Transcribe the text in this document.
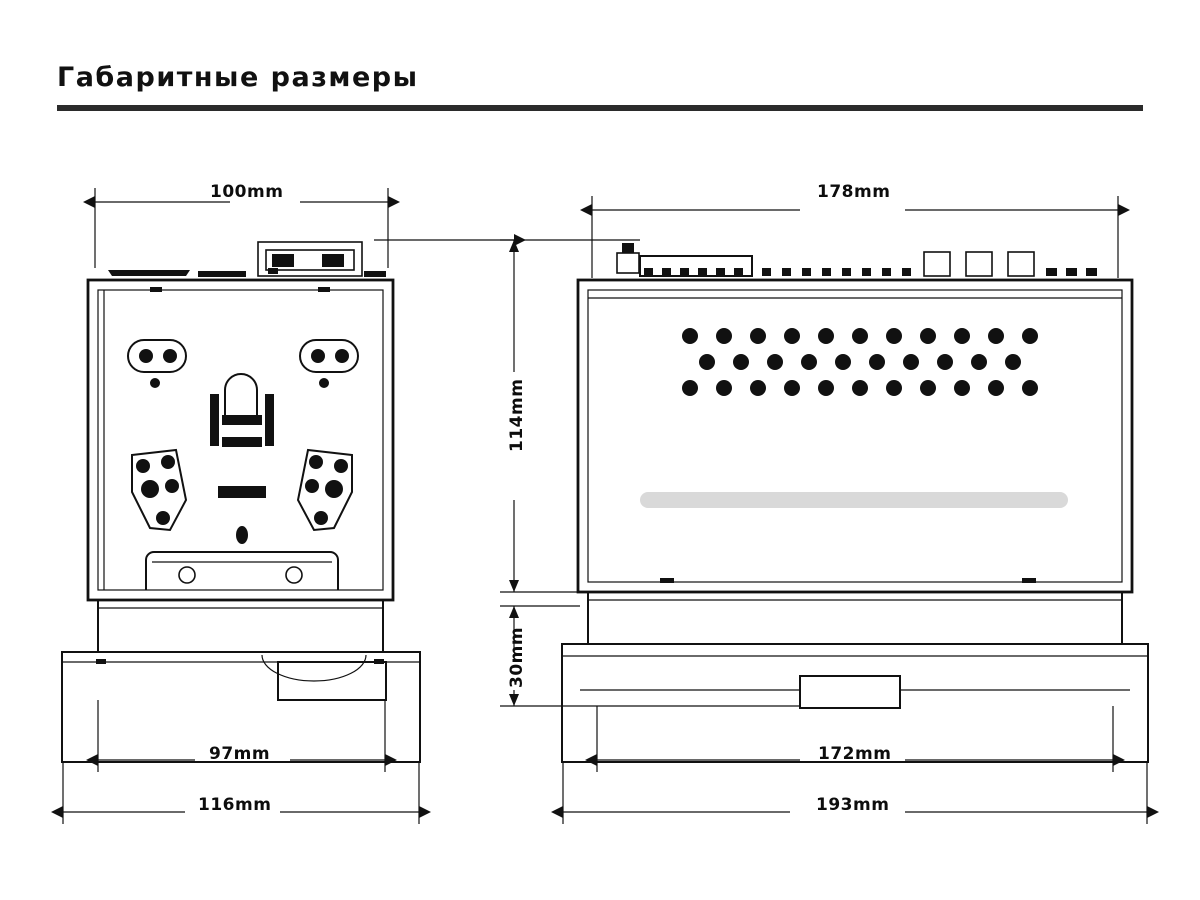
Габаритные размеры
100mm
97mm
116mm
178mm
114mm
30mm
172mm
193mm
